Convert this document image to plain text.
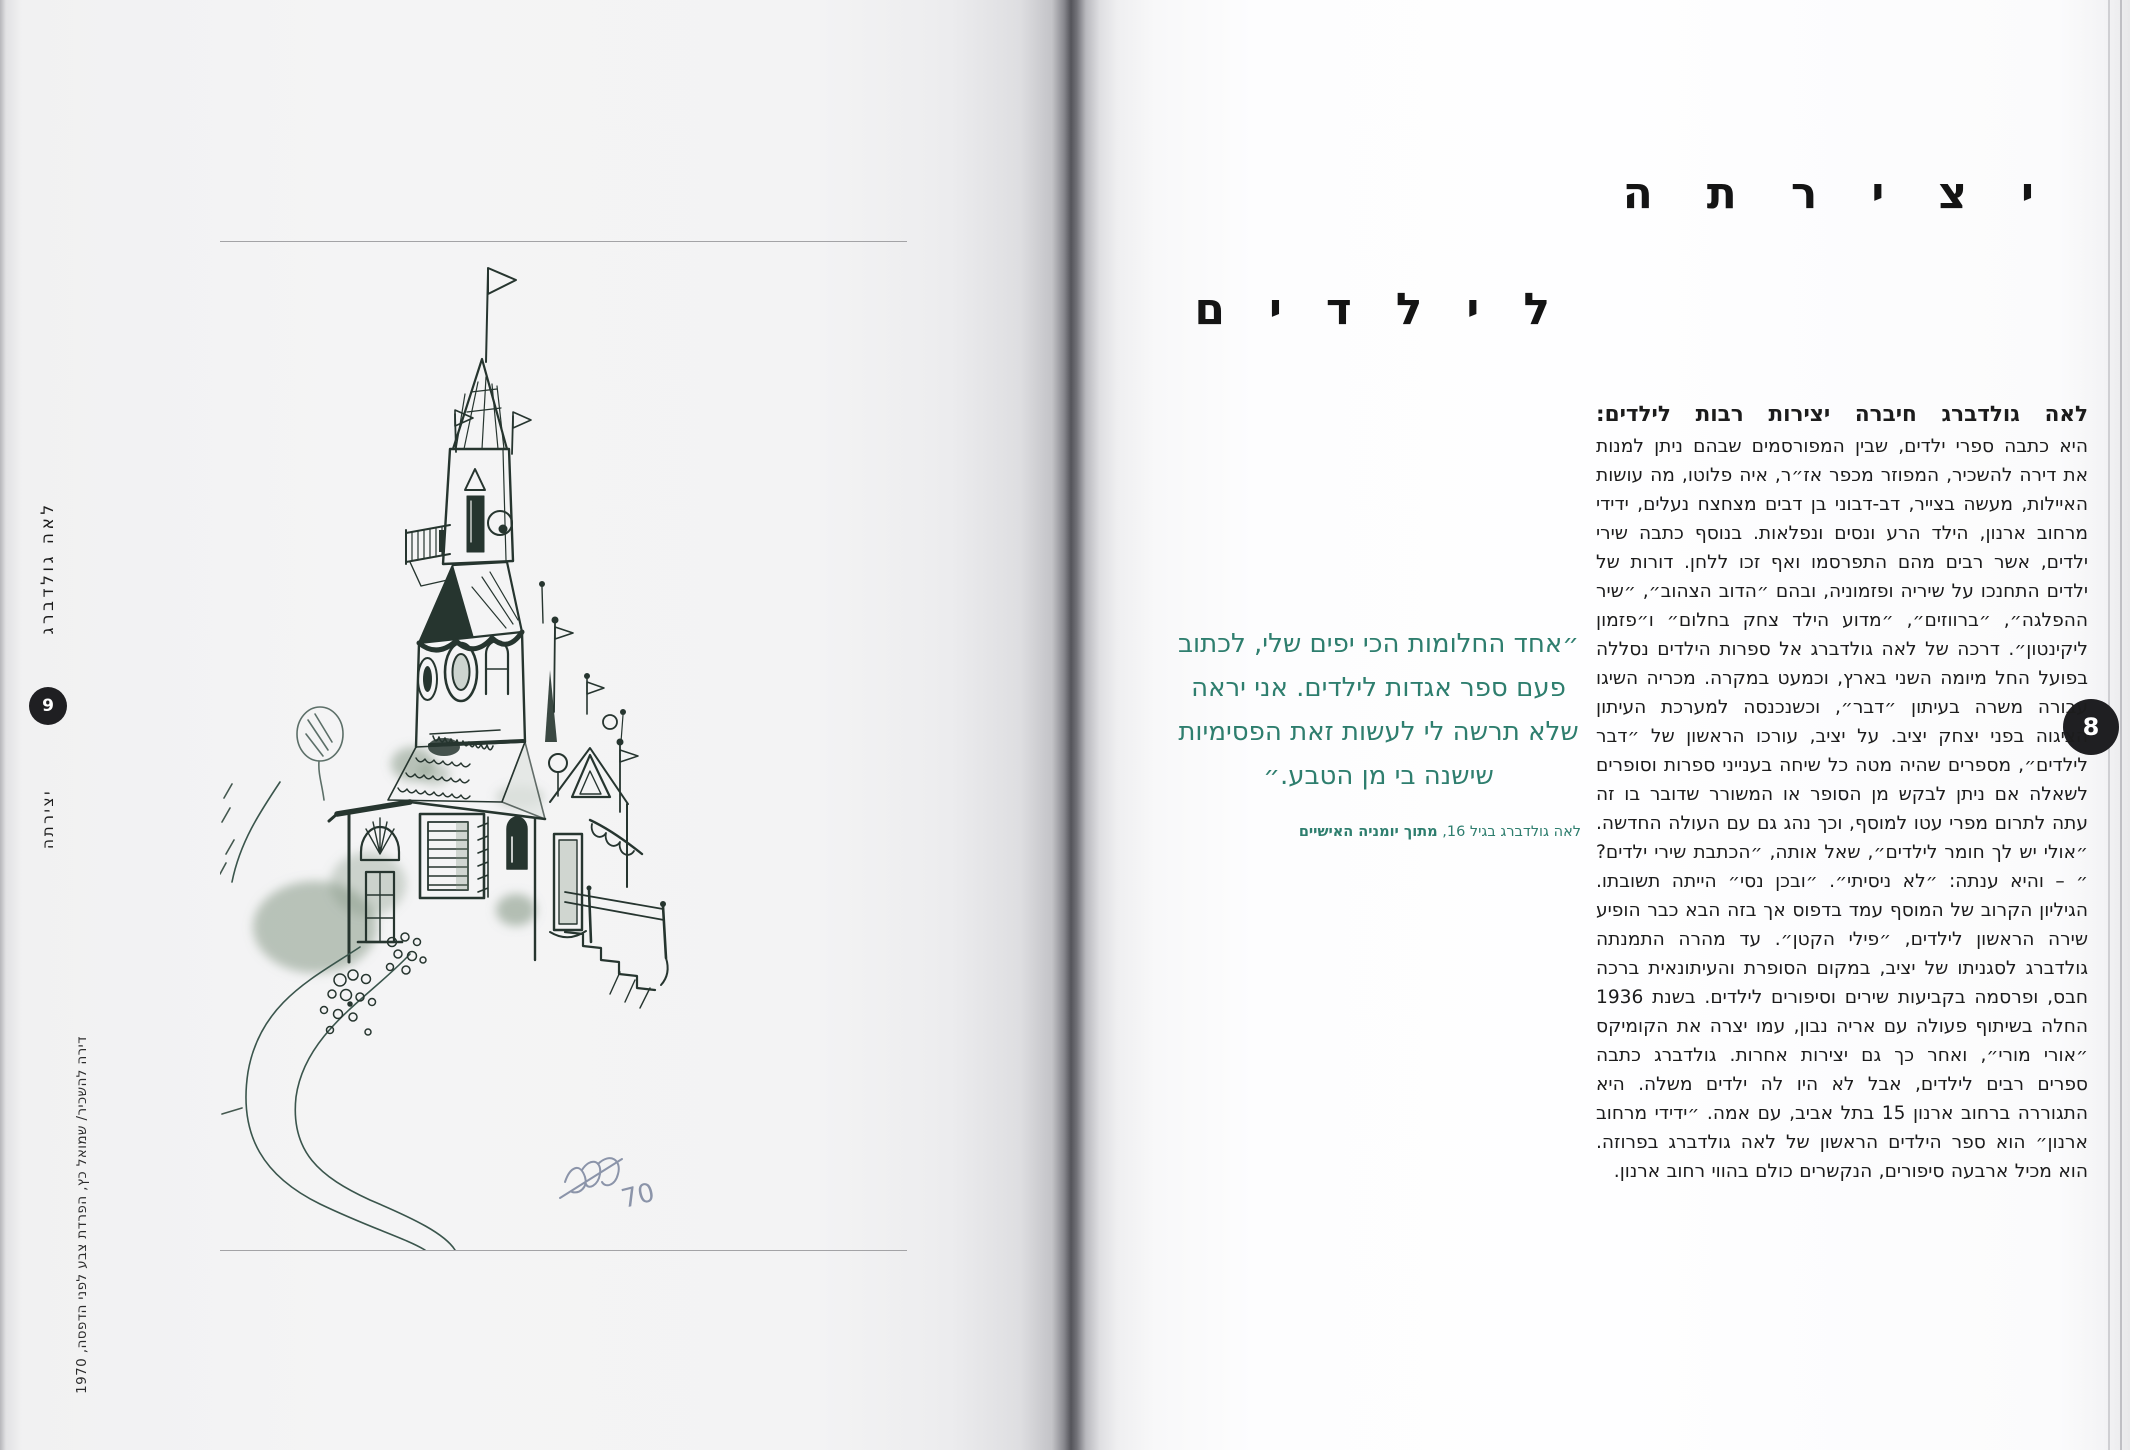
לאה גולדברג
9
יצירתה
דירה להשכיר/ שמואל כץ, הפרדת צבע לפני הדפסה, 1970	70
יצירתה
לילדים
8

לאה גולדברג חיברה יצירות רבות לילדים:

היא כתבה ספרי ילדים, שבין המפורסמים שבהם ניתן למנות את דירה להשכיר, המפוזר מכפר אז״ר, איה פלוטו, מה עושות האיילות, מעשה בצייר, דב-דבוני בן דבים מצחצח נעלים, ידידי מרחוב ארנון, הילד הרע ונסים ונפלאות. בנוסף כתבה שירי ילדים, אשר רבים מהם התפרסמו ואף זכו ללחן. דורות של ילדים התחנכו על שיריה ופזמוניה, ובהם ״הדוב הצהוב״, ״שיר ההפלגה״, ״ברווזים״, ״מדוע הילד צחק בחלום״ ו״פזמון ליקינטון״. דרכה של לאה גולדברג אל ספרות הילדים נסללה בפועל החל מיומה השני בארץ, וכמעט במקרה. מכריה השיגו עבורה משרה בעיתון ״דבר״, וכשנכנסה למערכת העיתון הציגוה בפני יצחק יציב. על יציב, עורכו הראשון של ״דבר לילדים״, מספרים שהיה מטה כל שיחה בענייני ספרות וסופרים לשאלה אם ניתן לבקש מן הסופר או המשורר שדובר בו זה עתה לתרום מפרי עטו למוסף, וכך נהג גם עם העולה החדשה. ״אולי יש לך חומר לילדים״, שאל אותה, ״הכתבת שירי ילדים?״ – והיא ענתה: ״לא ניסיתי״. ״ובכן נסי״ הייתה תשובתו. הגיליון הקרוב של המוסף עמד בדפוס אך בזה הבא כבר הופיע שירה הראשון לילדים, ״פילי הקטן״. עד מהרה התמנתה גולדברג לסגניתו של יציב, במקום הסופרת והעיתונאית ברכה חבס, ופרסמה בקביעות שירים וסיפורים לילדים. בשנת 1936 החלה בשיתוף פעולה עם אריה נבון, עמו יצרה את הקומיקס ״אורי מורי״, ואחר כך גם יצירות אחרות. גולדברג כתבה ספרים רבים לילדים, אבל לא היו לה ילדים משלה. היא התגוררה ברחוב ארנון 15 בתל אביב, עם אמה. ״ידידי מרחוב ארנון״ הוא ספר הילדים הראשון של לאה גולדברג בפרוזה. הוא מכיל ארבעה סיפורים, הנקשרים כולם בהווי רחוב ארנון.

״אחד החלומות הכי יפים שלי, לכתוב
פעם ספר אגדות לילדים. אני יראה
שלא תרשה לי לעשות זאת הפסימיות
שישנה בי מן הטבע.״
לאה גולדברג בגיל 16, מתוך יומניה האישיים
